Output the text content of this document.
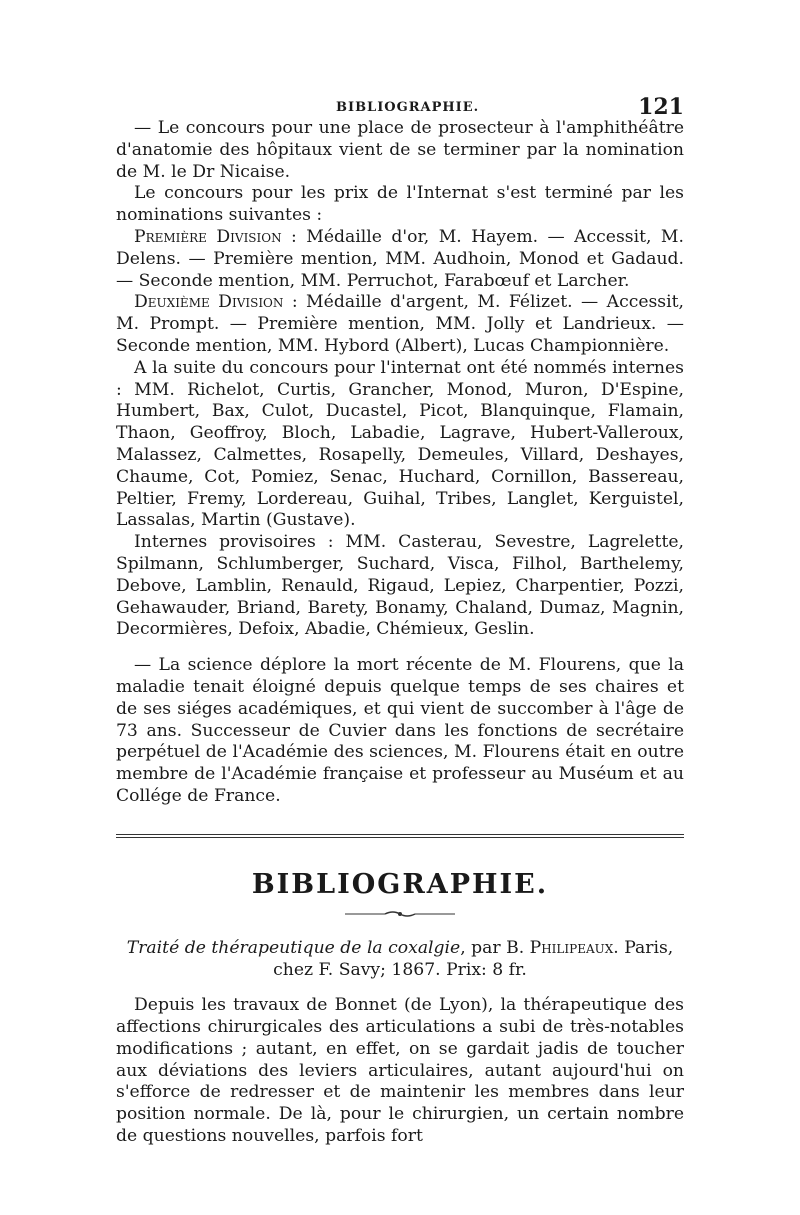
BIBLIOGRAPHIE.	121

— Le concours pour une place de prosecteur à l'amphithéâtre d'anatomie des hôpitaux vient de se terminer par la nomination de M. le Dr Nicaise.

Le concours pour les prix de l'Internat s'est terminé par les nominations suivantes :

Première Division : Médaille d'or, M. Hayem. — Accessit, M. Delens. — Première mention, MM. Audhoin, Monod et Gadaud. — Seconde mention, MM. Perruchot, Farabœuf et Larcher.

Deuxième Division : Médaille d'argent, M. Félizet. — Accessit, M. Prompt. — Première mention, MM. Jolly et Landrieux. — Seconde mention, MM. Hybord (Albert), Lucas Championnière.

A la suite du concours pour l'internat ont été nommés internes : MM. Richelot, Curtis, Grancher, Monod, Muron, D'Espine, Humbert, Bax, Culot, Ducastel, Picot, Blanquinque, Flamain, Thaon, Geoffroy, Bloch, Labadie, Lagrave, Hubert-Valleroux, Malassez, Calmettes, Rosapelly, Demeules, Villard, Deshayes, Chaume, Cot, Pomiez, Senac, Huchard, Cornillon, Bassereau, Peltier, Fremy, Lordereau, Guihal, Tribes, Langlet, Kerguistel, Lassalas, Martin (Gustave).

Internes provisoires : MM. Casterau, Sevestre, Lagrelette, Spilmann, Schlumberger, Suchard, Visca, Filhol, Barthelemy, Debove, Lamblin, Renauld, Rigaud, Lepiez, Charpentier, Pozzi, Gehawauder, Briand, Barety, Bonamy, Chaland, Dumaz, Magnin, Decormières, Defoix, Abadie, Chémieux, Geslin.

— La science déplore la mort récente de M. Flourens, que la maladie tenait éloigné depuis quelque temps de ses chaires et de ses siéges académiques, et qui vient de succomber à l'âge de 73 ans. Successeur de Cuvier dans les fonctions de secrétaire perpétuel de l'Académie des sciences, M. Flourens était en outre membre de l'Académie française et professeur au Muséum et au Collége de France.

BIBLIOGRAPHIE.

Traité de thérapeutique de la coxalgie, par B. Philipeaux. Paris, chez F. Savy; 1867. Prix: 8 fr.

Depuis les travaux de Bonnet (de Lyon), la thérapeutique des affections chirurgicales des articulations a subi de très-notables modifications ; autant, en effet, on se gardait jadis de toucher aux déviations des leviers articulaires, autant aujourd'hui on s'efforce de redresser et de maintenir les membres dans leur position normale. De là, pour le chirurgien, un certain nombre de questions nouvelles, parfois fort
